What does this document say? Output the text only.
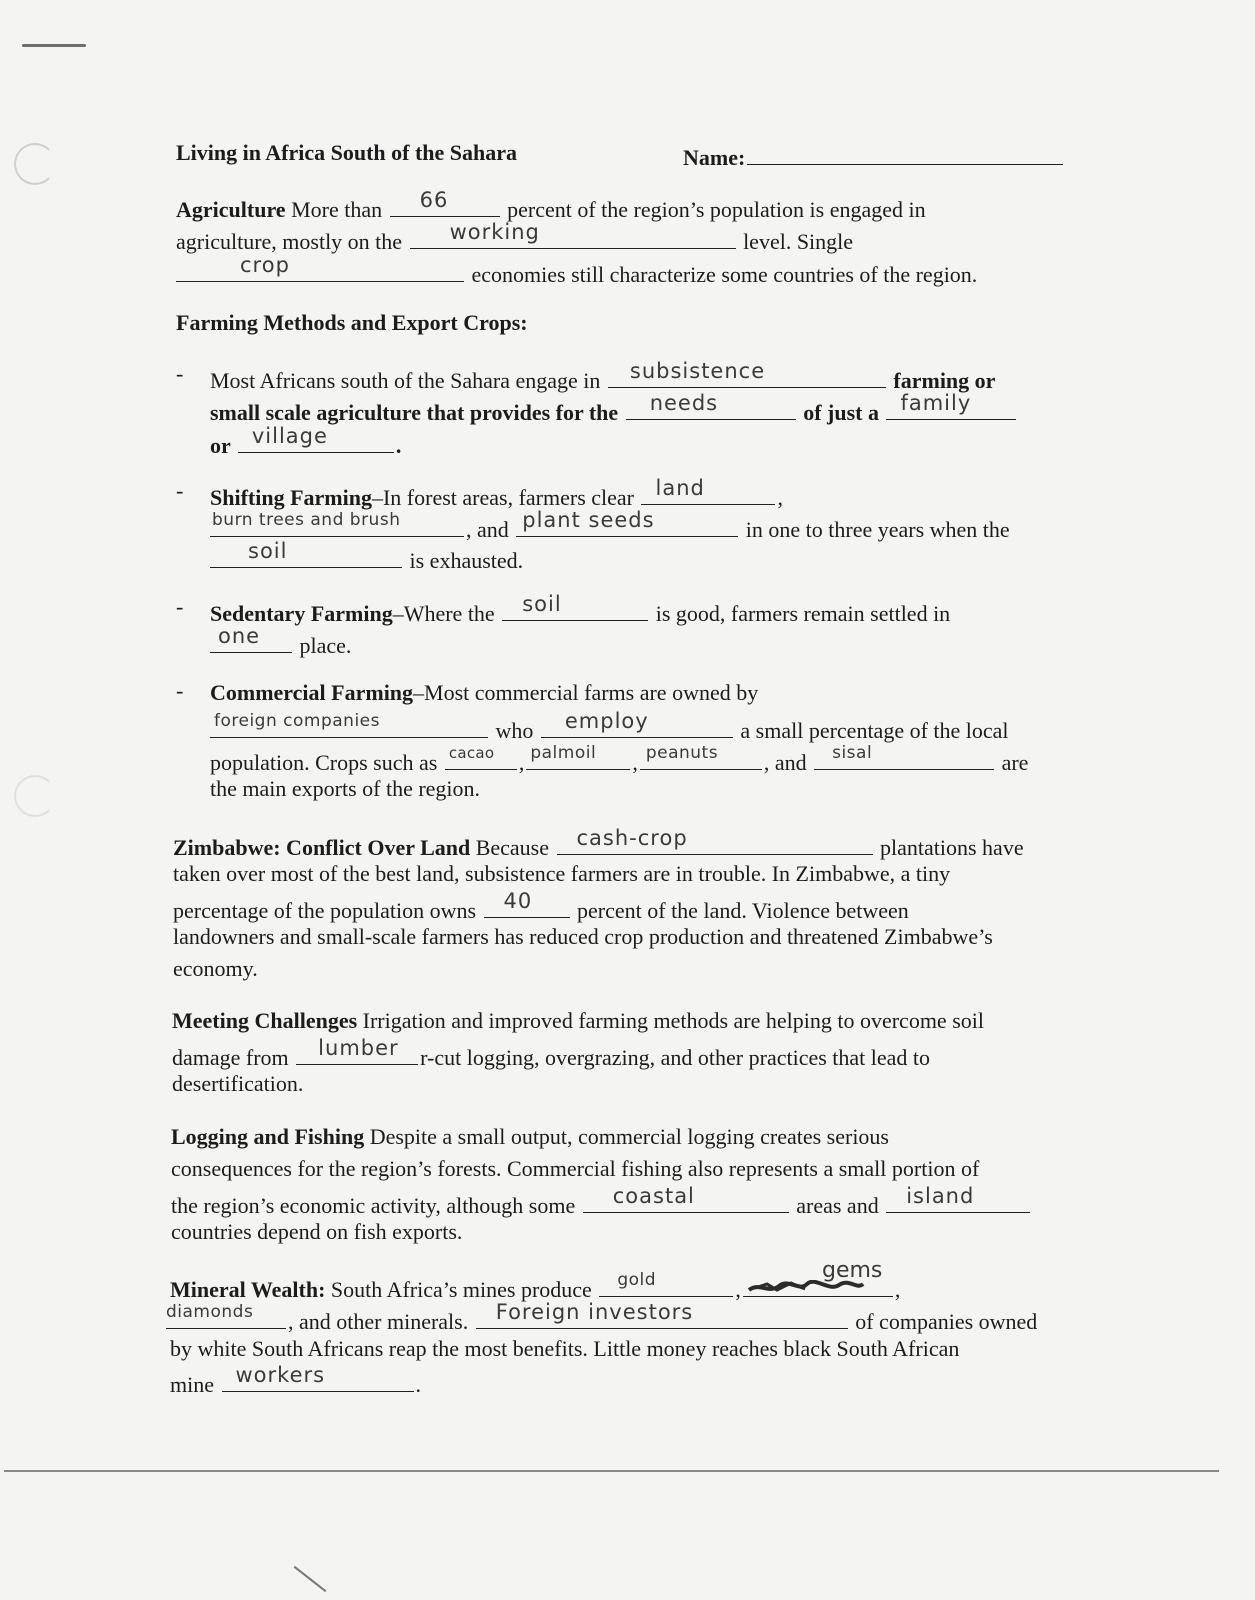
Living in Africa South of the Sahara	Name:
Agriculture More than 66	percent of the region’s population is engaged in
agriculture, mostly on the working	level. Single
crop	economies still characterize some countries of the region.
Farming Methods and Export Crops:
- Most Africans south of the Sahara engage in subsistence	farming or
small scale agriculture that provides for the needs	of just a family
or village	.
- Shifting Farming–In forest areas, farmers clear land	,
burn trees and brush	, and plant seeds	in one to three years when the
soil	is exhausted.
- Sedentary Farming–Where the soil	is good, farmers remain settled in
one place.
- Commercial Farming–Most commercial farms are owned by
foreign companies	who employ	a small percentage of the local
population. Crops such as cacao , palmoil , peanuts , and sisal	are
the main exports of the region.
Zimbabwe: Conflict Over Land Because cash-crop	plantations have
taken over most of the best land, subsistence farmers are in trouble. In Zimbabwe, a tiny
percentage of the population owns 40 percent of the land. Violence between
landowners and small-scale farmers has reduced crop production and threatened Zimbabwe’s
economy.
Meeting Challenges Irrigation and improved farming methods are helping to overcome soil
damage from lumber r-cut logging, overgrazing, and other practices that lead to
desertification.
Logging and Fishing Despite a small output, commercial logging creates serious
consequences for the region’s forests. Commercial fishing also represents a small portion of
the region’s economic activity, although some coastal	areas and island
countries depend on fish exports.
gems
Mineral Wealth: South Africa’s mines produce gold	,	,
diamonds , and other minerals. Foreign investors	of companies owned
by white South Africans reap the most benefits. Little money reaches black South African
mine workers	.
